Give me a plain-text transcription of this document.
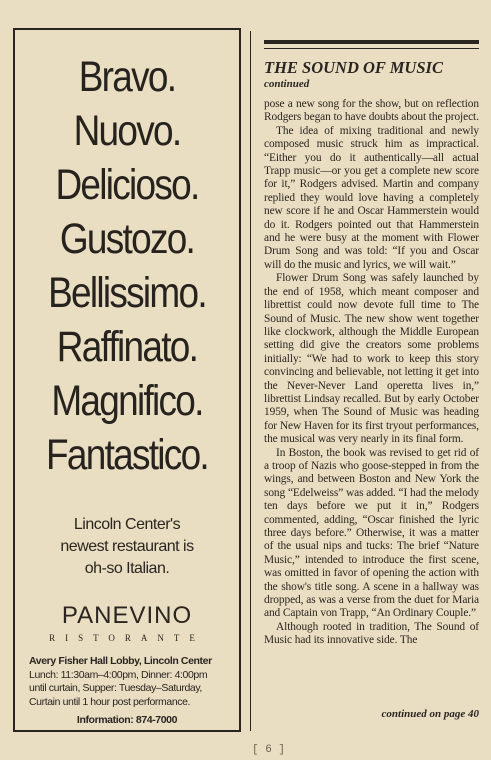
Bravo.
Nuovo.
Delicioso.
Gustozo.
Bellissimo.
Raffinato.
Magnifico.
Fantastico.
Lincoln Center's
newest restaurant is
oh-so Italian.
PANEVINO
RISTORANTE
Avery Fisher Hall Lobby, Lincoln Center
Lunch: 11:30am–4:00pm, Dinner: 4:00pm
until curtain, Supper: Tuesday–Saturday,
Curtain until 1 hour post performance.
Information: 874-7000
THE SOUND OF MUSIC
continued

pose a new song for the show, but on reflection Rodgers began to have doubts about the project.

The idea of mixing traditional and newly composed music struck him as impractical. “Either you do it authentically—all actual Trapp music—or you get a complete new score for it,” Rodgers advised. Martin and company replied they would love having a completely new score if he and Oscar Hammerstein would do it. Rodgers pointed out that Hammerstein and he were busy at the moment with Flower Drum Song and was told: “If you and Oscar will do the music and lyrics, we will wait.”

Flower Drum Song was safely launched by the end of 1958, which meant composer and librettist could now devote full time to The Sound of Music. The new show went together like clockwork, although the Middle European setting did give the creators some problems initially: “We had to work to keep this story convincing and believable, not letting it get into the Never-Never Land operetta lives in,” librettist Lindsay recalled. But by early October 1959, when The Sound of Music was heading for New Haven for its first tryout performances, the musical was very nearly in its final form.

In Boston, the book was revised to get rid of a troop of Nazis who goose-stepped in from the wings, and between Boston and New York the song “Edelweiss” was added. “I had the melody ten days before we put it in,” Rodgers commented, adding, “Oscar finished the lyric three days before.” Otherwise, it was a matter of the usual nips and tucks: The brief “Nature Music,” intended to introduce the first scene, was omitted in favor of opening the action with the show's title song. A scene in a hallway was dropped, as was a verse from the duet for Maria and Captain von Trapp, “An Ordinary Couple.”

Although rooted in tradition, The Sound of Music had its innovative side. The

continued on page 40
[ 6 ]
